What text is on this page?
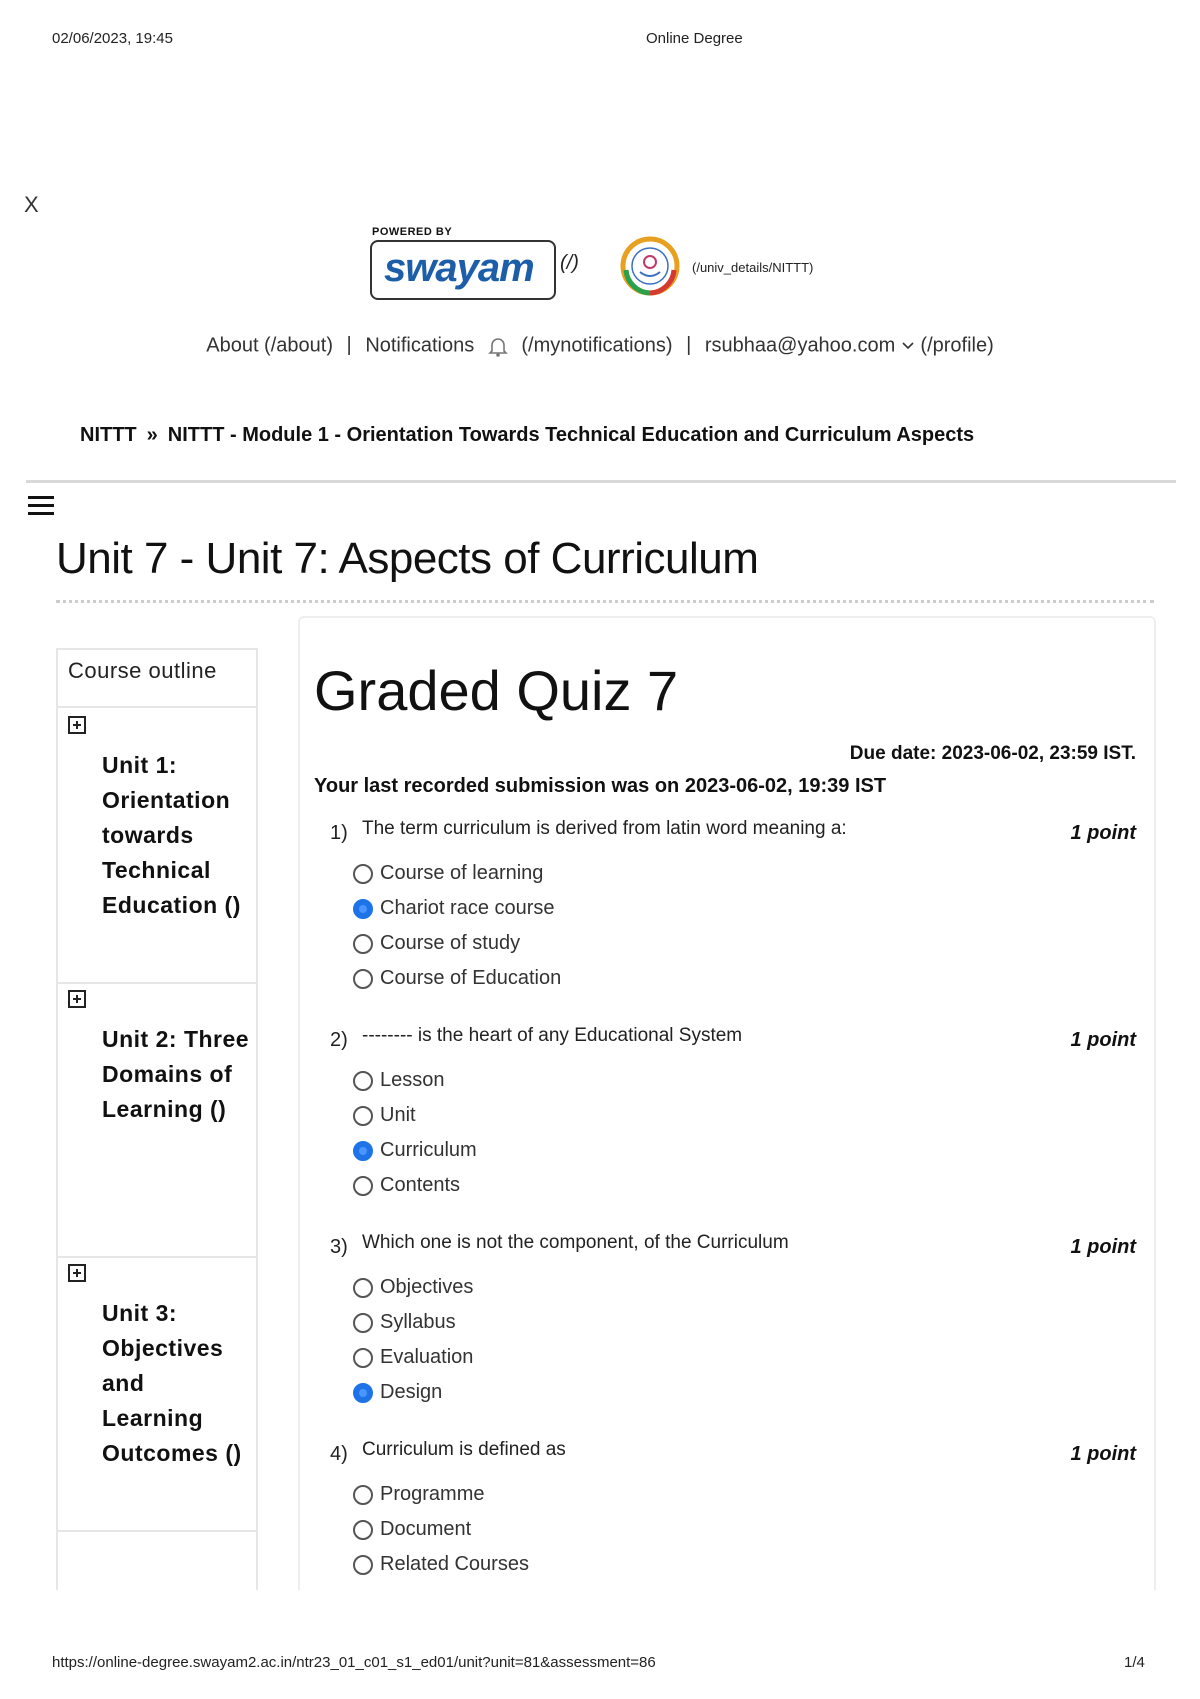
02/06/2023, 19:45	Online Degree
X
POWERED BY
swayam (/)	(/univ_details/NITTT)
About (/about) | Notifications (/mynotifications) | rsubhaa@yahoo.com (/profile)
NITTT » NITTT - Module 1 - Orientation Towards Technical Education and Curriculum Aspects
Unit 7 - Unit 7: Aspects of Curriculum
Course outline
Unit 1: Orientation towards Technical Education ()
Unit 2: Three Domains of Learning ()
Unit 3: Objectives and Learning Outcomes ()
Graded Quiz 7
Due date: 2023-06-02, 23:59 IST.
Your last recorded submission was on 2023-06-02, 19:39 IST
1) The term curriculum is derived from latin word meaning a:	1 point
Course of learning
Chariot race course
Course of study
Course of Education
2) -------- is the heart of any Educational System	1 point
Lesson
Unit
Curriculum
Contents
3) Which one is not the component, of the Curriculum	1 point
Objectives
Syllabus
Evaluation
Design
4) Curriculum is defined as	1 point
Programme
Document
Related Courses
https://online-degree.swayam2.ac.in/ntr23_01_c01_s1_ed01/unit?unit=81&assessment=86	1/4
